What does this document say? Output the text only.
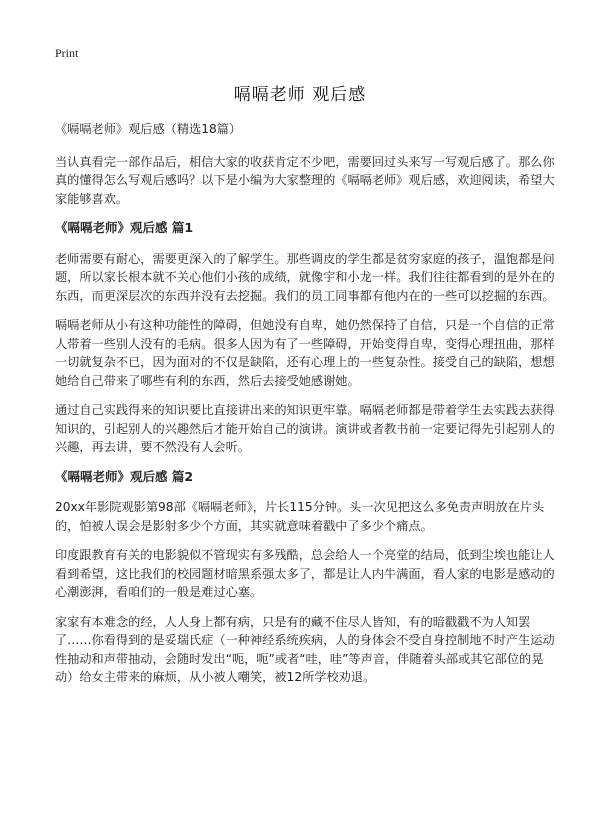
Print
嗝嗝老师 观后感

《嗝嗝老师》观后感（精选18篇）

当认真看完一部作品后，相信大家的收获肯定不少吧，需要回过头来写一写观后感了。那么你真的懂得怎么写观后感吗？以下是小编为大家整理的《嗝嗝老师》观后感，欢迎阅读，希望大家能够喜欢。

《嗝嗝老师》观后感 篇1

老师需要有耐心，需要更深入的了解学生。那些调皮的学生都是贫穷家庭的孩子，温饱都是问题，所以家长根本就不关心他们小孩的成绩，就像宇和小龙一样。我们往往都看到的是外在的东西，而更深层次的东西并没有去挖掘。我们的员工同事都有他内在的一些可以挖掘的东西。

嗝嗝老师从小有这种功能性的障碍，但她没有自卑，她仍然保持了自信，只是一个自信的正常人带着一些别人没有的毛病。很多人因为有了一些障碍，开始变得自卑，变得心理扭曲，那样一切就复杂不已，因为面对的不仅是缺陷，还有心理上的一些复杂性。接受自己的缺陷，想想她给自己带来了哪些有利的东西，然后去接受她感谢她。

通过自己实践得来的知识要比直接讲出来的知识更牢靠。嗝嗝老师都是带着学生去实践去获得知识的，引起别人的兴趣然后才能开始自己的演讲。演讲或者教书前一定要记得先引起别人的兴趣，再去讲，要不然没有人会听。

《嗝嗝老师》观后感 篇2

20xx年影院观影第98部《嗝嗝老师》，片长115分钟。头一次见把这么多免责声明放在片头的，怕被人误会是影射多少个方面，其实就意味着戳中了多少个痛点。

印度跟教育有关的电影貌似不管现实有多残酷，总会给人一个亮堂的结局，低到尘埃也能让人看到希望，这比我们的校园题材暗黑系强太多了，都是让人内牛满面，看人家的电影是感动的心潮澎湃，看咱们的一般是难过心塞。

家家有本难念的经，人人身上都有病，只是有的藏不住尽人皆知，有的暗戳戳不为人知罢了……你看得到的是妥瑞氏症（一种神经系统疾病，人的身体会不受自身控制地不时产生运动性抽动和声带抽动，会随时发出“呃，呃”或者“哇，哇”等声音，伴随着头部或其它部位的晃动）给女主带来的麻烦，从小被人嘲笑，被12所学校劝退。
